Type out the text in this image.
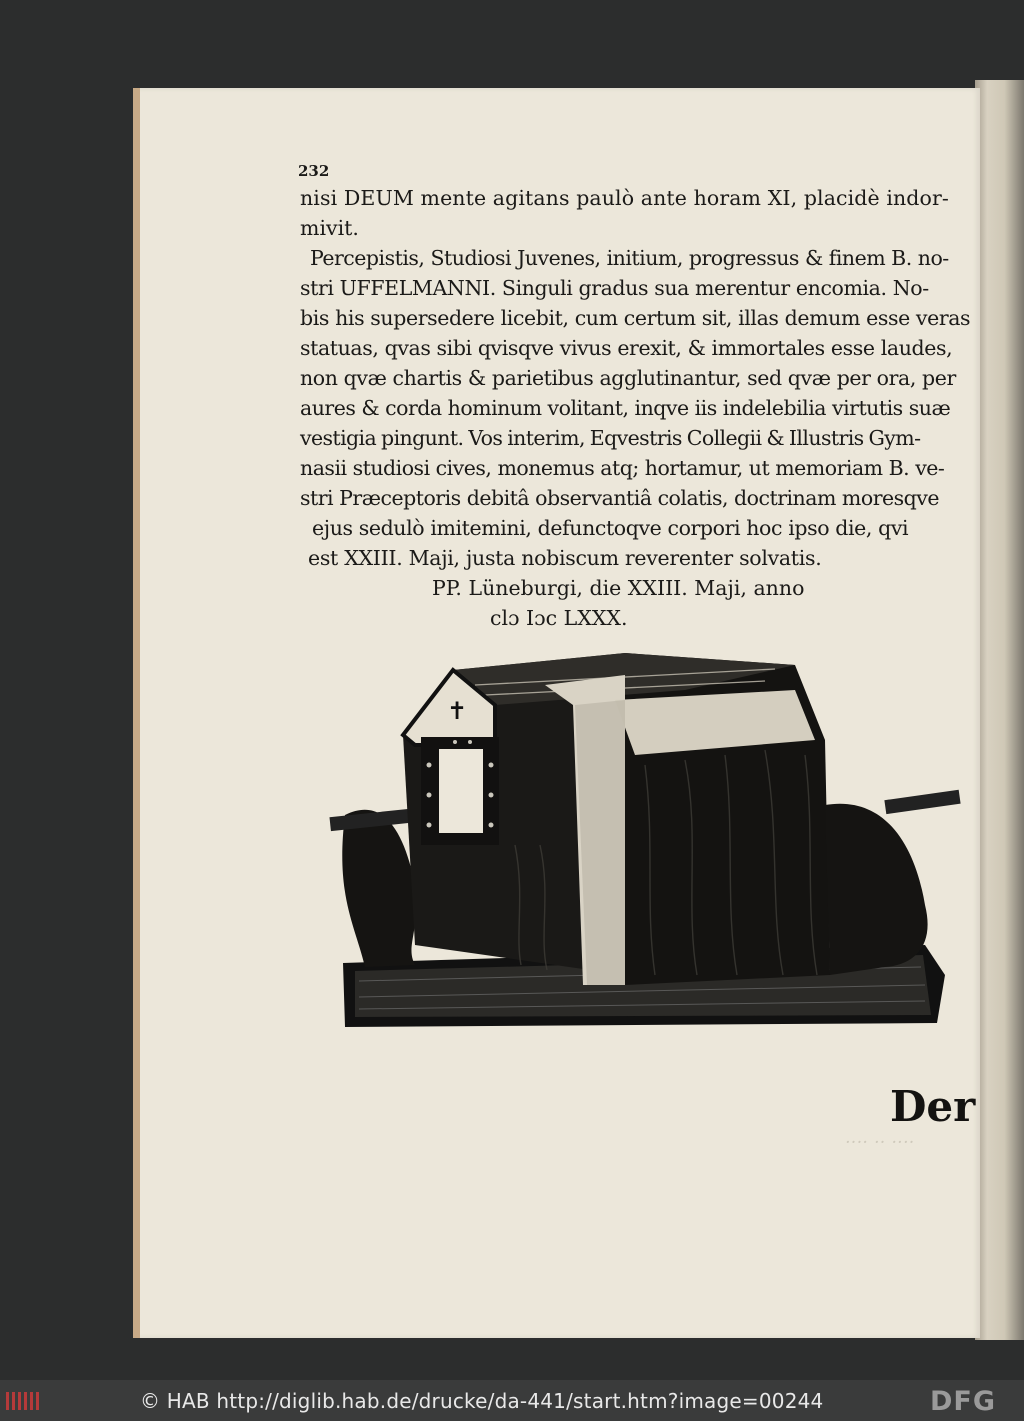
‥‥ ‥ ‥‥
232
nisi DEUM mente agitans paulò ante horam XI, placidè indor-
mivit.
Percepistis, Studiosi Juvenes, initium, progressus & finem B. no-
stri UFFELMANNI. Singuli gradus sua merentur encomia. No-
bis his supersedere licebit, cum certum sit, illas demum esse veras
statuas, qvas sibi qvisqve vivus erexit, & immortales esse laudes,
non qvæ chartis & parietibus agglutinantur, sed qvæ per ora, per
aures & corda hominum volitant, inqve iis indelebilia virtutis suæ
vestigia pingunt. Vos interim, Eqvestris Collegii & Illustris Gym-
nasii studiosi cives, monemus atq; hortamur, ut memoriam B. ve-
stri Præceptoris debitâ observantiâ colatis, doctrinam moresqve
ejus sedulò imitemini, defunctoqve corpori hoc ipso die, qvi
est XXIII. Maji, justa nobiscum reverenter solvatis.
PP. Lüneburgi, die XXIII. Maji, anno
clɔ Iɔc LXXX.
✝
Der
© HAB http://diglib.hab.de/drucke/da-441/start.htm?image=00244	DFG
